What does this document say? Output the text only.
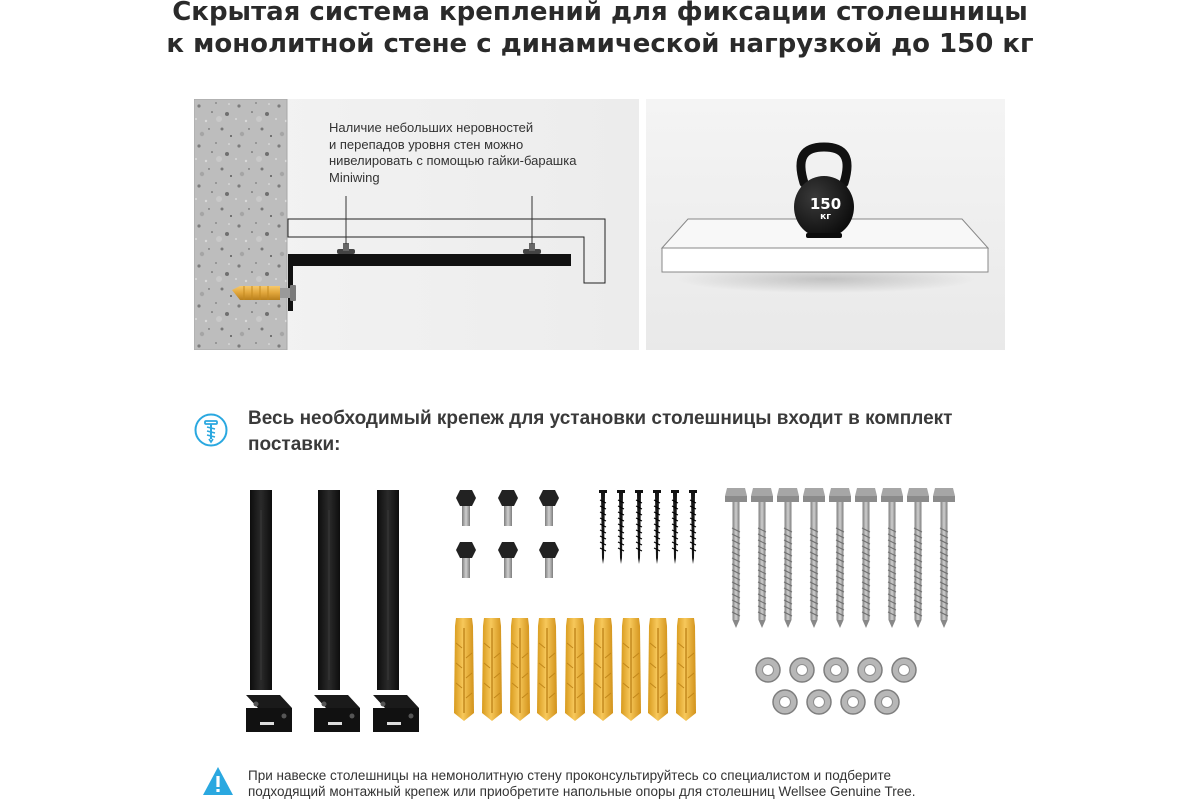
Скрытая система креплений для фиксации столешницы
к монолитной стене с динамической нагрузкой до 150 кг
Наличие небольших неровностей
и перепадов уровня стен можно
нивелировать с помощью гайки-барашка
Miniwing
150
кг
Весь необходимый крепеж для установки столешницы входит в комплект
поставки:
При навеске столешницы на немонолитную стену проконсультируйтесь со специалистом и подберите
подходящий монтажный крепеж или приобретите напольные опоры для столешниц Wellsee Genuine Tree.
